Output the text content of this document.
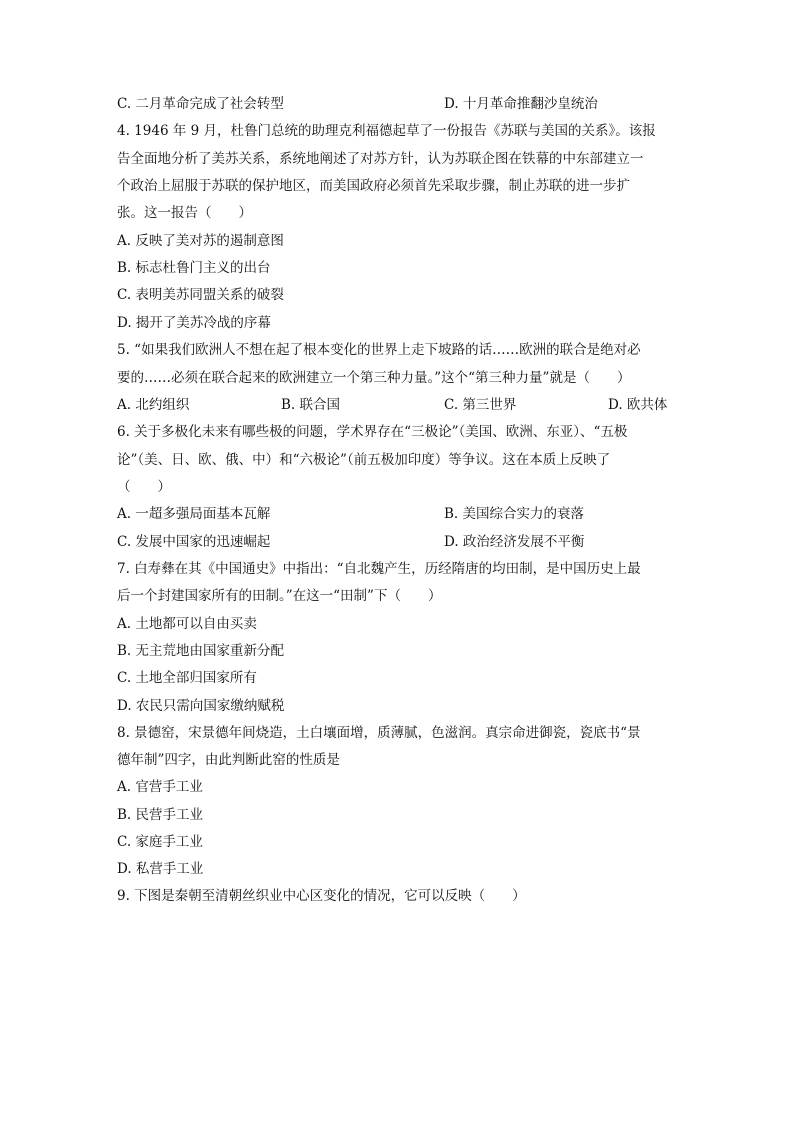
C. 二月革命完成了社会转型	D. 十月革命推翻沙皇统治
4. 1946 年 9 月，杜鲁门总统的助理克利福德起草了一份报告《苏联与美国的关系》。该报
告全面地分析了美苏关系，系统地阐述了对苏方针，认为苏联企图在铁幕的中东部建立一
个政治上屈服于苏联的保护地区，而美国政府必须首先采取步骤，制止苏联的进一步扩
张。这一报告（　　）
A. 反映了美对苏的遏制意图
B. 标志杜鲁门主义的出台
C. 表明美苏同盟关系的破裂
D. 揭开了美苏冷战的序幕
5. “如果我们欧洲人不想在起了根本变化的世界上走下坡路的话……欧洲的联合是绝对必
要的……必须在联合起来的欧洲建立一个第三种力量。”这个“第三种力量”就是（　　）
A. 北约组织	B. 联合国	C. 第三世界	D. 欧共体
6. 关于多极化未来有哪些极的问题，学术界存在“三极论”（美国、欧洲、东亚）、“五极
论”（美、日、欧、俄、中）和“六极论”（前五极加印度）等争议。这在本质上反映了
（　　）
A. 一超多强局面基本瓦解	B. 美国综合实力的衰落
C. 发展中国家的迅速崛起	D. 政治经济发展不平衡
7. 白寿彝在其《中国通史》中指出：“自北魏产生，历经隋唐的均田制，是中国历史上最
后一个封建国家所有的田制。”在这一“田制”下（　　）
A. 土地都可以自由买卖
B. 无主荒地由国家重新分配
C. 土地全部归国家所有
D. 农民只需向国家缴纳赋税
8. 景德窑，宋景德年间烧造，土白壤面增，质薄腻，色滋润。真宗命进御瓷，瓷底书“景
德年制”四字，由此判断此窑的性质是
A. 官营手工业
B. 民营手工业
C. 家庭手工业
D. 私营手工业
9. 下图是秦朝至清朝丝织业中心区变化的情况，它可以反映（　　）
